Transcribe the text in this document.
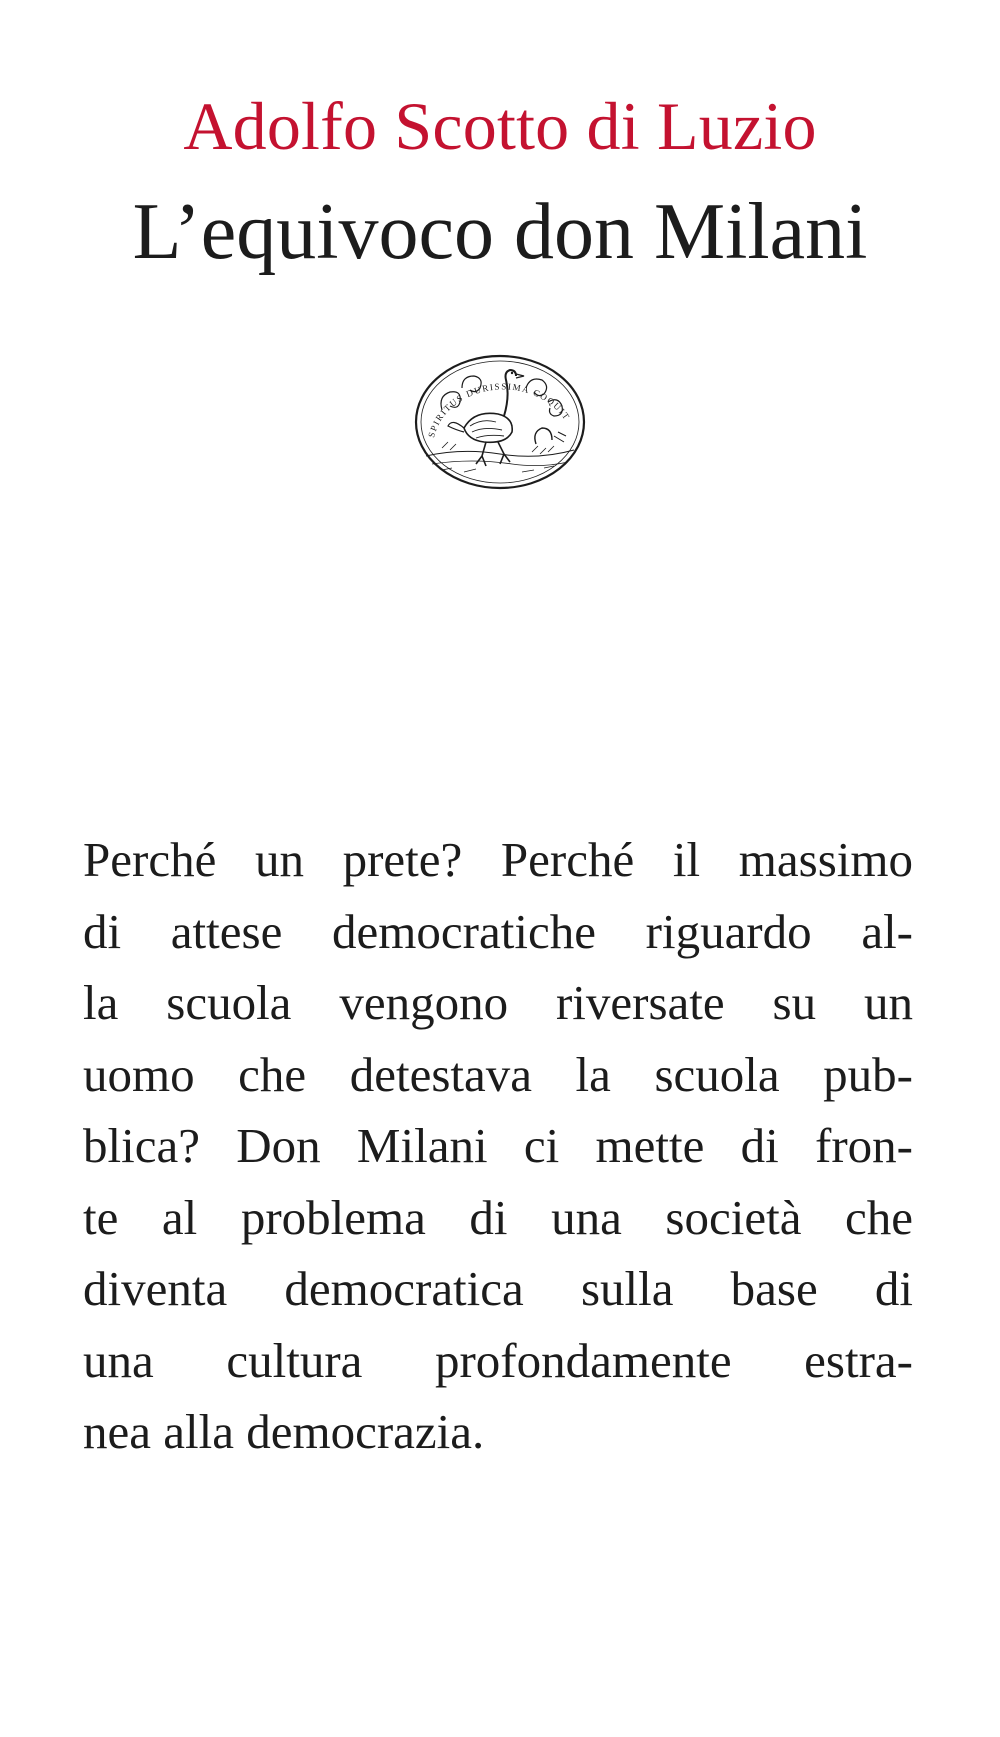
Adolfo Scotto di Luzio
L’equivoco don Milani
SPIRITUS DURISSIMA COQUIT
Perché un prete? Perché il massimo
di attese democratiche riguardo al-
la scuola vengono riversate su un
uomo che detestava la scuola pub-
blica? Don Milani ci mette di fron-
te al problema di una società che
diventa democratica sulla base di
una cultura profondamente estra-
nea alla democrazia.
